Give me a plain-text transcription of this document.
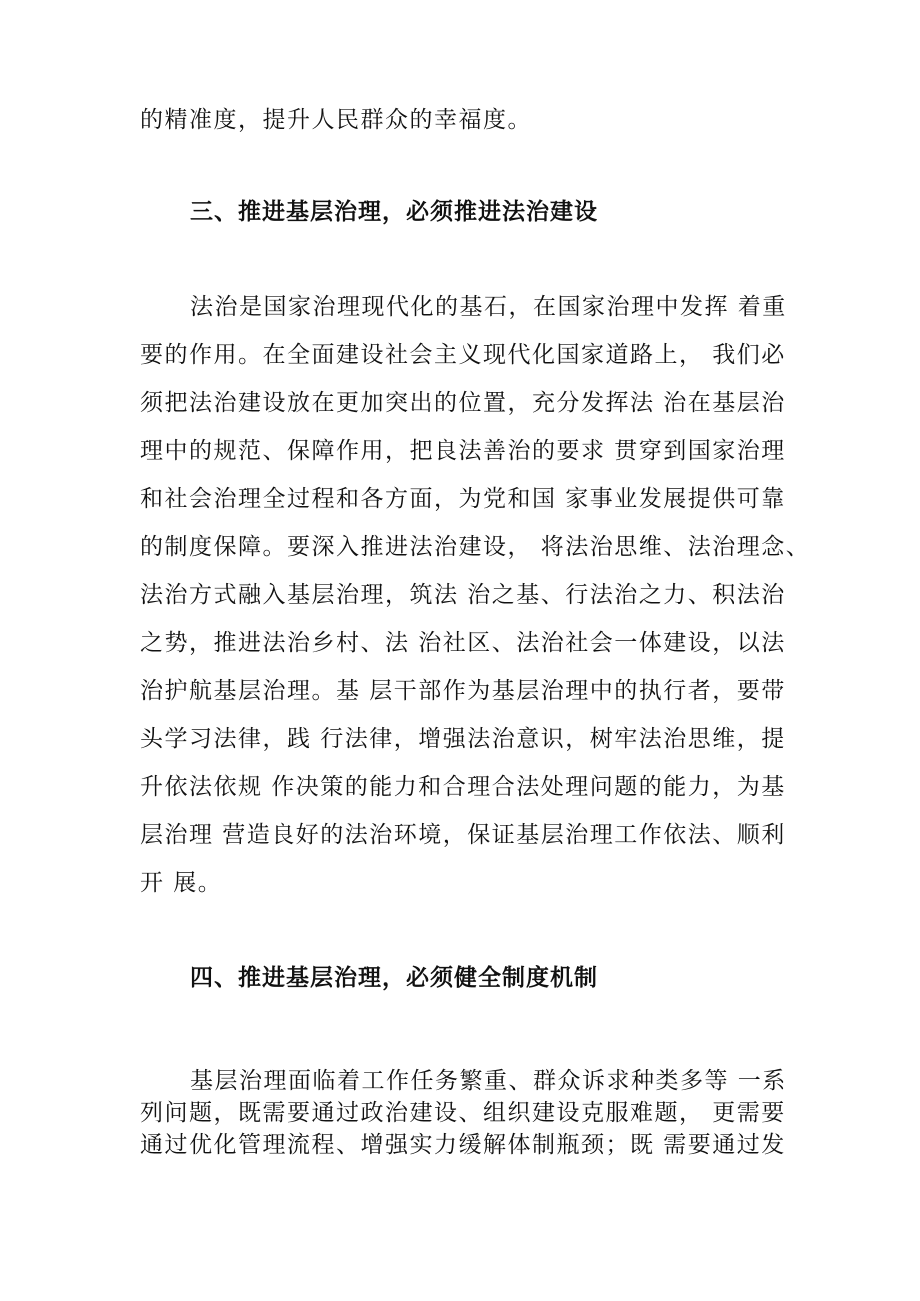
的精准度，提升人民群众的幸福度。
三、推进基层治理，必须推进法治建设
法治是国家治理现代化的基石，在国家治理中发挥 着重
要的作用。在全面建设社会主义现代化国家道路上， 我们必
须把法治建设放在更加突出的位置，充分发挥法 治在基层治
理中的规范、保障作用，把良法善治的要求 贯穿到国家治理
和社会治理全过程和各方面，为党和国 家事业发展提供可靠
的制度保障。要深入推进法治建设， 将法治思维、法治理念、
法治方式融入基层治理，筑法 治之基、行法治之力、积法治
之势，推进法治乡村、法 治社区、法治社会一体建设，以法
治护航基层治理。基 层干部作为基层治理中的执行者，要带
头学习法律，践 行法律，增强法治意识，树牢法治思维，提
升依法依规 作决策的能力和合理合法处理问题的能力，为基
层治理 营造良好的法治环境，保证基层治理工作依法、顺利
开 展。
四、推进基层治理，必须健全制度机制
基层治理面临着工作任务繁重、群众诉求种类多等 一系
列问题，既需要通过政治建设、组织建设克服难题， 更需要
通过优化管理流程、增强实力缓解体制瓶颈；既 需要通过发
